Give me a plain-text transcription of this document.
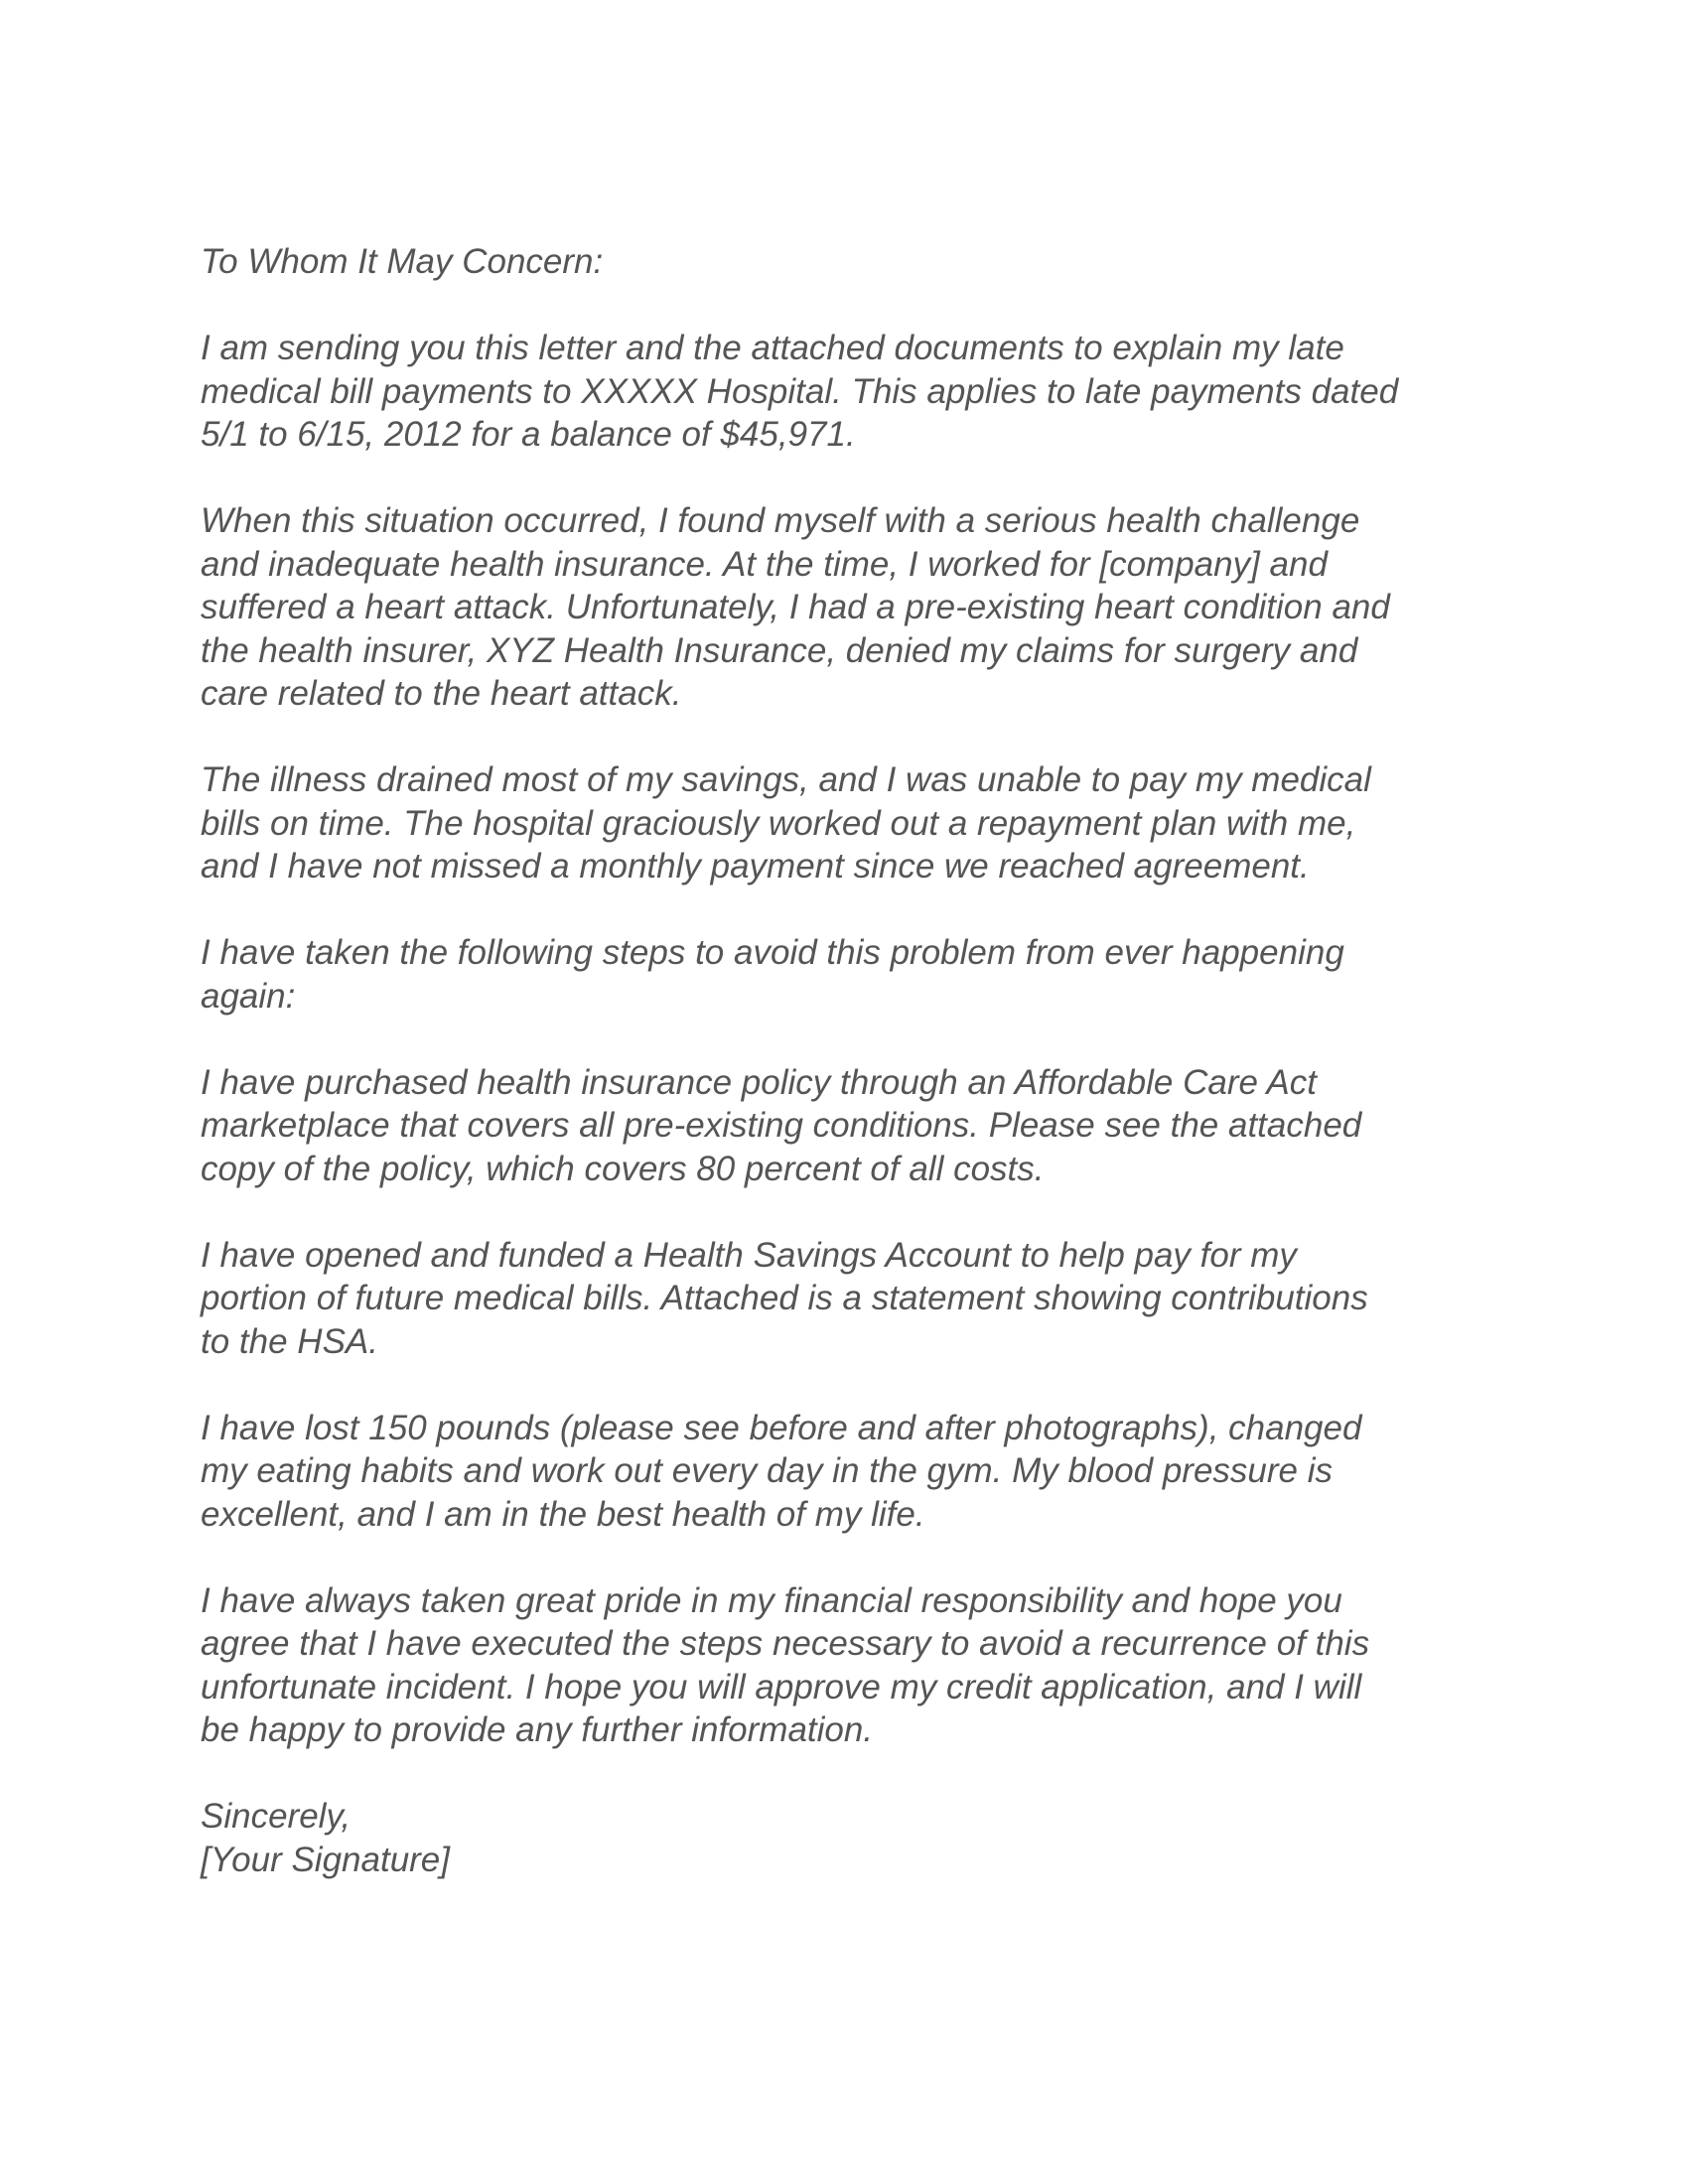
To Whom It May Concern:
I am sending you this letter and the attached documents to explain my late
medical bill payments to XXXXX Hospital. This applies to late payments dated
5/1 to 6/15, 2012 for a balance of $45,971.
When this situation occurred, I found myself with a serious health challenge
and inadequate health insurance. At the time, I worked for [company] and
suffered a heart attack. Unfortunately, I had a pre-existing heart condition and
the health insurer, XYZ Health Insurance, denied my claims for surgery and
care related to the heart attack.
The illness drained most of my savings, and I was unable to pay my medical
bills on time. The hospital graciously worked out a repayment plan with me,
and I have not missed a monthly payment since we reached agreement.
I have taken the following steps to avoid this problem from ever happening
again:
I have purchased health insurance policy through an Affordable Care Act
marketplace that covers all pre-existing conditions. Please see the attached
copy of the policy, which covers 80 percent of all costs.
I have opened and funded a Health Savings Account to help pay for my
portion of future medical bills. Attached is a statement showing contributions
to the HSA.
I have lost 150 pounds (please see before and after photographs), changed
my eating habits and work out every day in the gym. My blood pressure is
excellent, and I am in the best health of my life.
I have always taken great pride in my financial responsibility and hope you
agree that I have executed the steps necessary to avoid a recurrence of this
unfortunate incident. I hope you will approve my credit application, and I will
be happy to provide any further information.
Sincerely,
[Your Signature]
